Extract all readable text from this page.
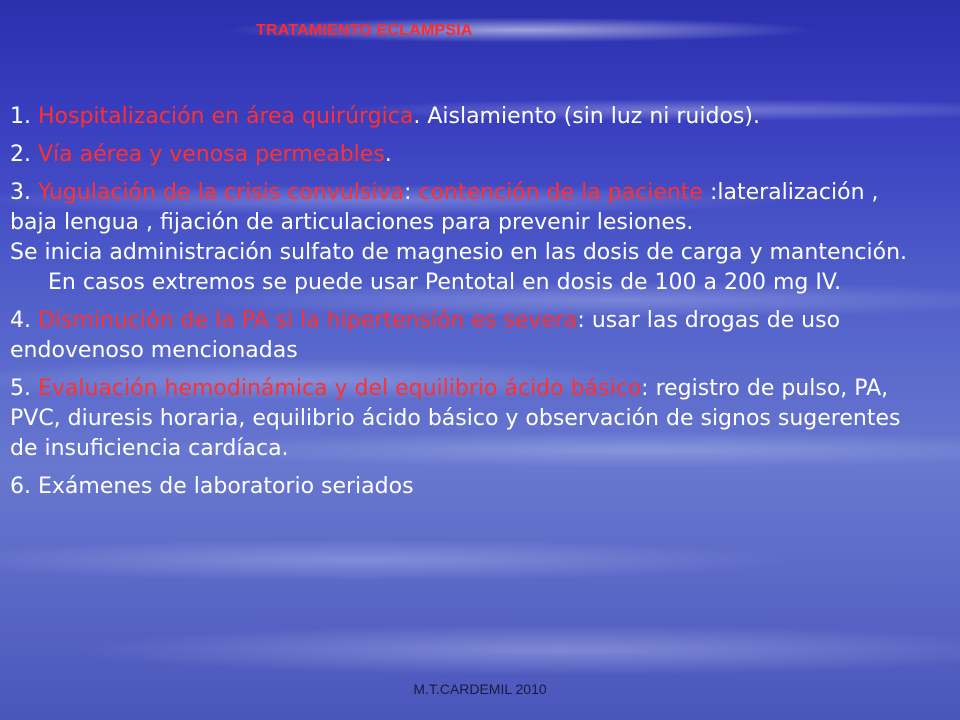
TRATAMIENTO ECLAMPSIA
1. Hospitalización en área quirúrgica. Aislamiento (sin luz ni ruidos).
2. Vía aérea y venosa permeables.
3. Yugulación de la crisis convulsiva: contención de la paciente :lateralización , baja lengua , fijación de articulaciones para prevenir lesiones.
Se inicia administración sulfato de magnesio en las dosis de carga y mantención.
En casos extremos se puede usar Pentotal en dosis de 100 a 200 mg IV.
4. Disminución de la PA si la hipertensión es severa: usar las drogas de uso endovenoso mencionadas
5. Evaluación hemodinámica y del equilibrio ácido básico: registro de pulso, PA, PVC, diuresis horaria, equilibrio ácido básico y observación de signos sugerentes de insuficiencia cardíaca.
6. Exámenes de laboratorio seriados
M.T.CARDEMIL 2010
